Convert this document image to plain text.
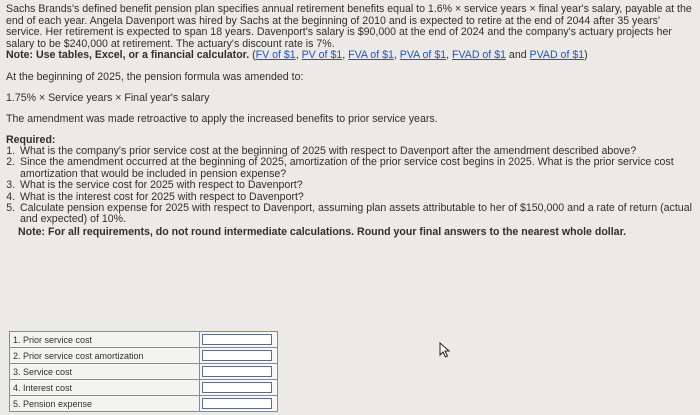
Sachs Brands's defined benefit pension plan specifies annual retirement benefits equal to 1.6% × service years × final year's salary, payable at the end of each year. Angela Davenport was hired by Sachs at the beginning of 2010 and is expected to retire at the end of 2044 after 35 years' service. Her retirement is expected to span 18 years. Davenport's salary is $90,000 at the end of 2024 and the company's actuary projects her salary to be $240,000 at retirement. The actuary's discount rate is 7%.
Note: Use tables, Excel, or a financial calculator. (FV of $1, PV of $1, FVA of $1, PVA of $1, FVAD of $1 and PVAD of $1)

At the beginning of 2025, the pension formula was amended to:
1.75% × Service years × Final year's salary
The amendment was made retroactive to apply the increased benefits to prior service years.
Required:
1. What is the company's prior service cost at the beginning of 2025 with respect to Davenport after the amendment described above?
2. Since the amendment occurred at the beginning of 2025, amortization of the prior service cost begins in 2025. What is the prior service cost amortization that would be included in pension expense?
3. What is the service cost for 2025 with respect to Davenport?
4. What is the interest cost for 2025 with respect to Davenport?
5. Calculate pension expense for 2025 with respect to Davenport, assuming plan assets attributable to her of $150,000 and a rate of return (actual and expected) of 10%.
Note: For all requirements, do not round intermediate calculations. Round your final answers to the nearest whole dollar.
1. Prior service cost	
2. Prior service cost amortization	
3. Service cost	
4. Interest cost	
5. Pension expense	
